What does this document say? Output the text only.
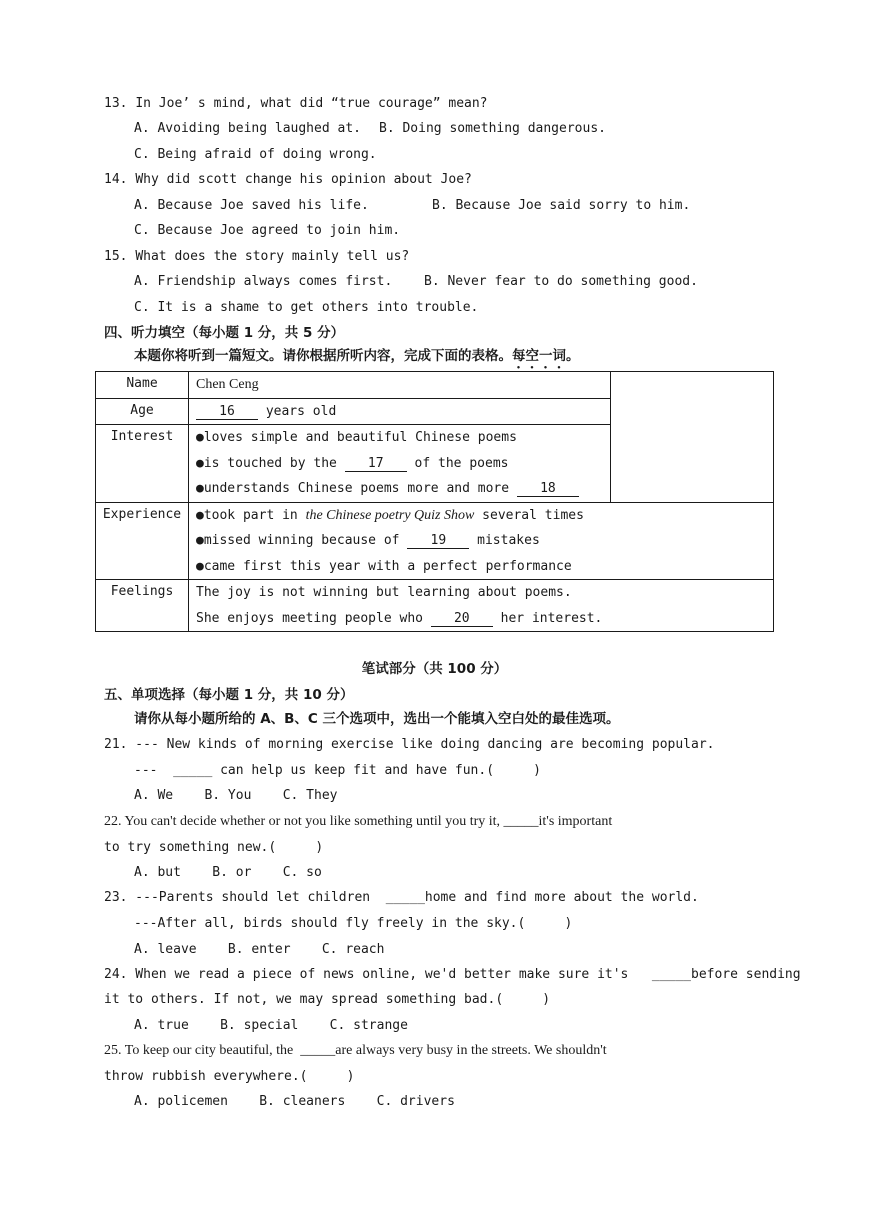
13. In Joe’ s mind, what did “true courage” mean?
A. Avoiding being laughed at. B. Doing something dangerous.
C. Being afraid of doing wrong.
14. Why did scott change his opinion about Joe?
A. Because Joe saved his life.	B. Because Joe said sorry to him.
C. Because Joe agreed to join him.
15. What does the story mainly tell us?
A. Friendship always comes first. B. Never fear to do something good.
C. It is a shame to get others into trouble.
四、听力填空（每小题 1 分，共 5 分）
本题你将听到一篇短文。请你根据所听内容，完成下面的表格。每空一词。
Name	Chen Ceng	

Age	16 years old	

Interest	●loves simple and beautiful Chinese poems
●is touched by the 17 of the poems
●understands Chinese poems more and more 18	

Experience	●took part in the Chinese poetry Quiz Show several times
●missed winning because of 19 mistakes
●came first this year with a perfect performance	

Feelings	The joy is not winning but learning about poems.
She enjoys meeting people who 20 her interest.	
笔试部分（共 100 分）
五、单项选择（每小题 1 分，共 10 分）
请你从每小题所给的 A、B、C 三个选项中，选出一个能填入空白处的最佳选项。
21. --- New kinds of morning exercise like doing dancing are becoming popular.
---  _____ can help us keep fit and have fun.(     )
A. We    B. You    C. They
22. You can't decide whether or not you like something until you try it, _____it's important
to try something new.(     )
A. but    B. or    C. so
23. ---Parents should let children  _____home and find more about the world.
---After all, birds should fly freely in the sky.(     )
A. leave    B. enter    C. reach
24. When we read a piece of news online, we'd better make sure it's   _____before sending
it to others. If not, we may spread something bad.(     )
A. true    B. special    C. strange
25. To keep our city beautiful, the  _____are always very busy in the streets. We shouldn't
throw rubbish everywhere.(     )
A. policemen    B. cleaners    C. drivers
